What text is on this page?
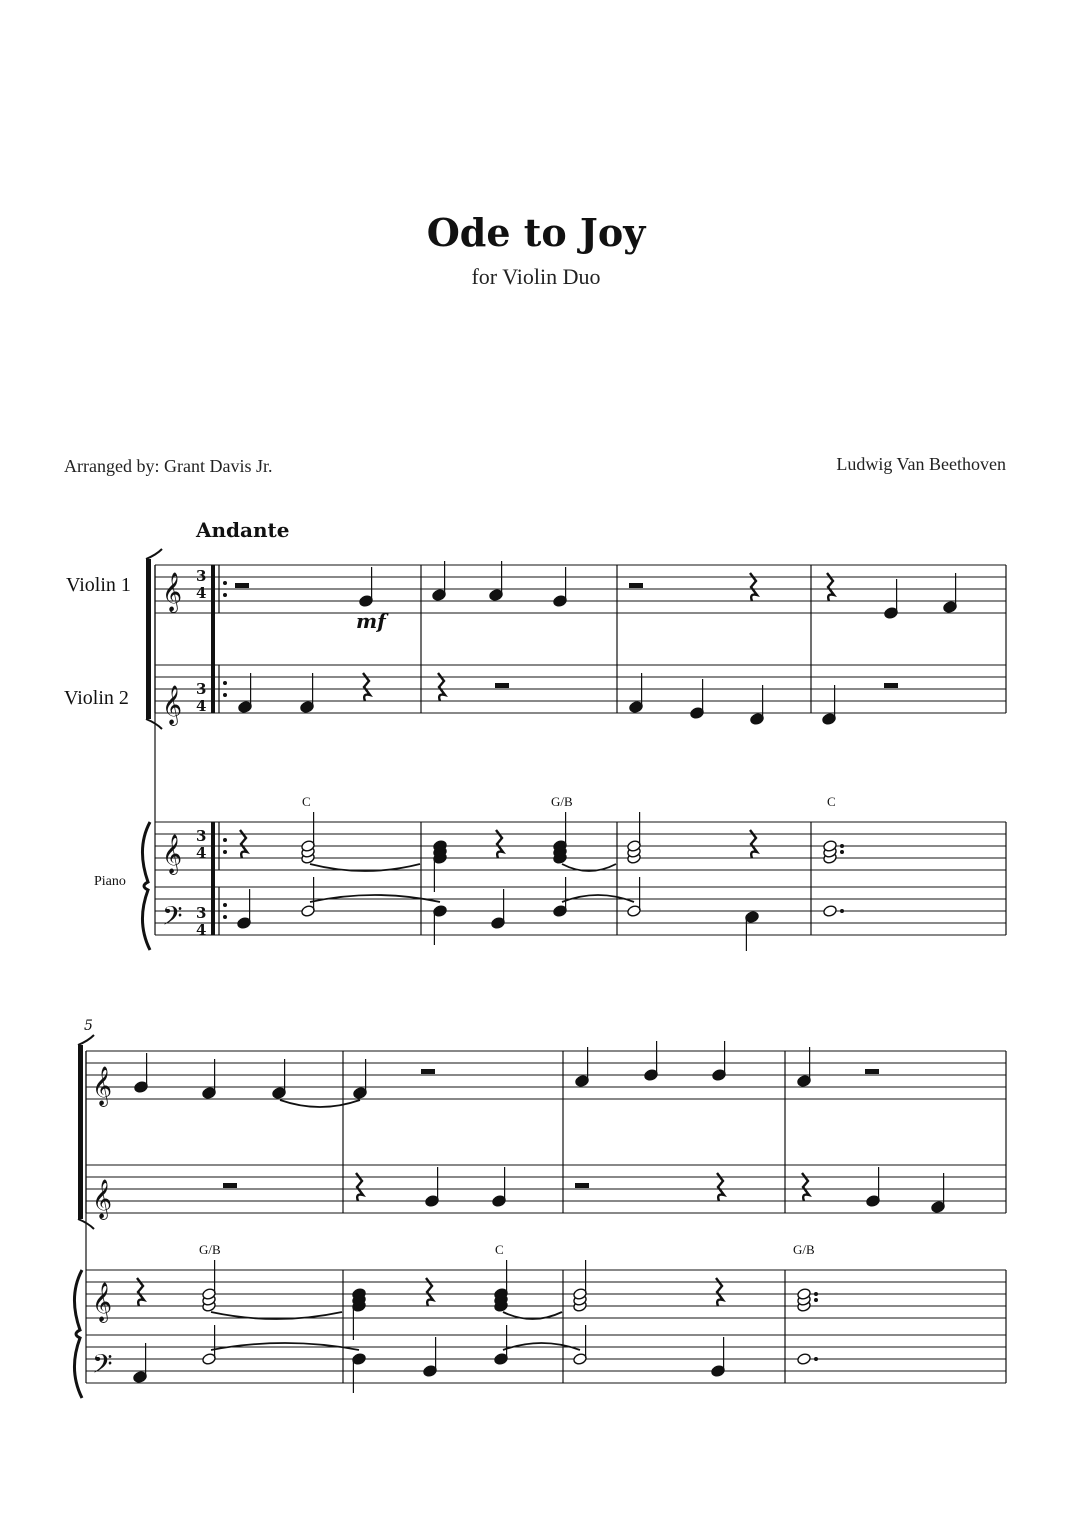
Ode to Joy
for Violin Duo
Arranged by: Grant Davis Jr.	Ludwig Van Beethoven
Andante
Violin 1
Violin 2
Piano
mf
5
C	G/B	C
G/B	C	G/B
𝄞
𝄞
𝄞
𝄢
𝄞
𝄞
𝄞
𝄢
3
4
3
4
3
4
3
4
